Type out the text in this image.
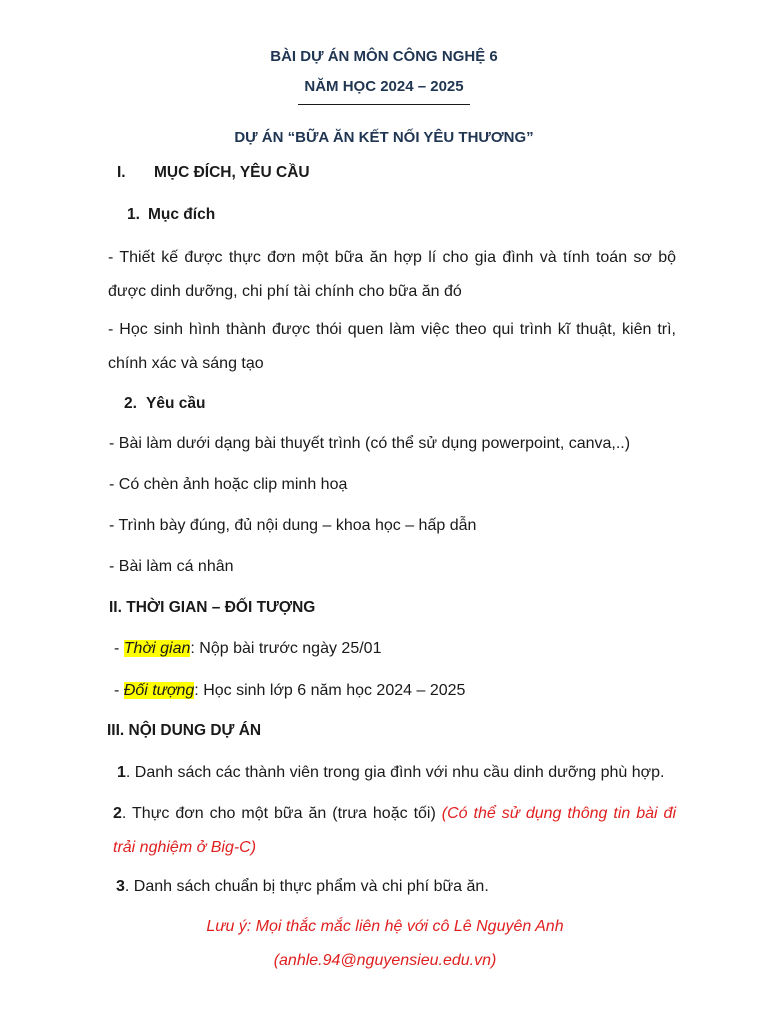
BÀI DỰ ÁN MÔN CÔNG NGHỆ 6
NĂM HỌC 2024 – 2025
DỰ ÁN “BỮA ĂN KẾT NỐI YÊU THƯƠNG”
I. MỤC ĐÍCH, YÊU CẦU
1. Mục đích
- Thiết kế được thực đơn một bữa ăn hợp lí cho gia đình và tính toán sơ bộ được dinh dưỡng, chi phí tài chính cho bữa ăn đó
- Học sinh hình thành được thói quen làm việc theo qui trình kĩ thuật, kiên trì, chính xác và sáng tạo
2. Yêu cầu
- Bài làm dưới dạng bài thuyết trình (có thể sử dụng powerpoint, canva,..)
- Có chèn ảnh hoặc clip minh hoạ
- Trình bày đúng, đủ nội dung – khoa học – hấp dẫn
- Bài làm cá nhân
II. THỜI GIAN – ĐỐI TƯỢNG
- Thời gian: Nộp bài trước ngày 25/01
- Đối tượng: Học sinh lớp 6 năm học 2024 – 2025
III. NỘI DUNG DỰ ÁN
1. Danh sách các thành viên trong gia đình với nhu cầu dinh dưỡng phù hợp.
2. Thực đơn cho một bữa ăn (trưa hoặc tối) (Có thể sử dụng thông tin bài đi trải nghiệm ở Big-C)
3. Danh sách chuẩn bị thực phẩm và chi phí bữa ăn.
Lưu ý: Mọi thắc mắc liên hệ với cô Lê Nguyên Anh
(anhle.94@nguyensieu.edu.vn)
